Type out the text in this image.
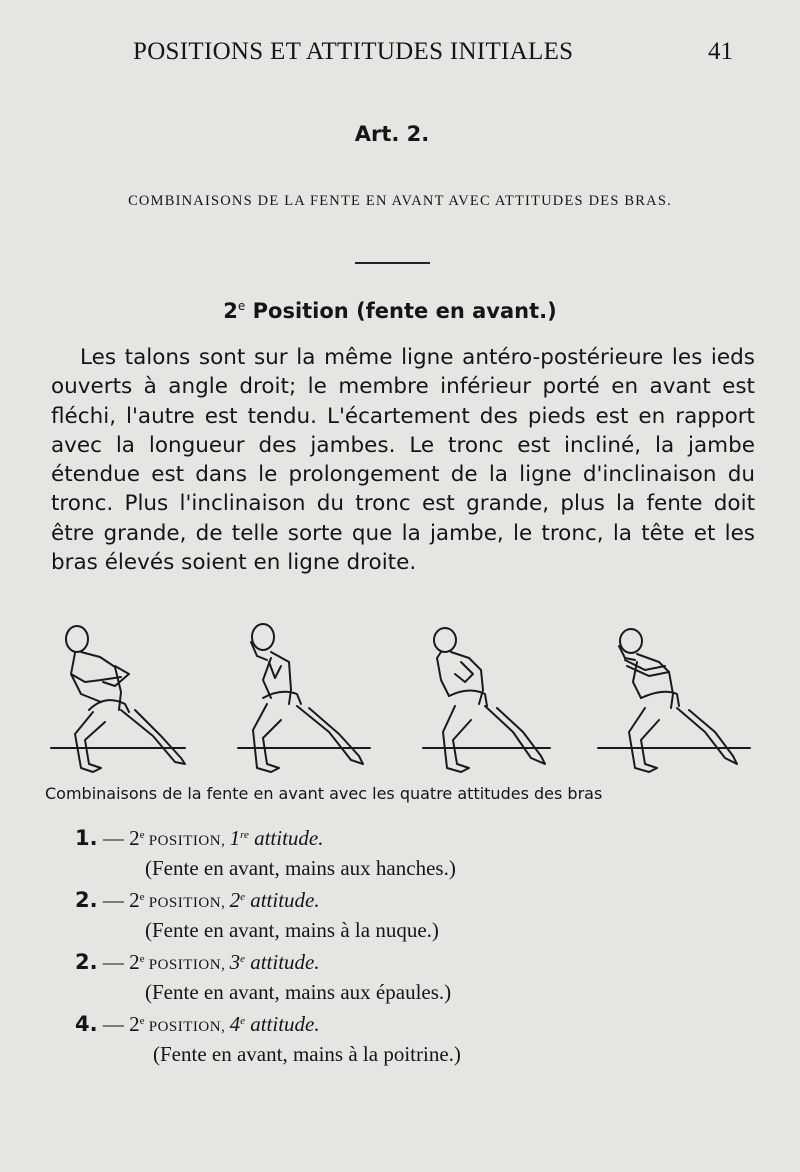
POSITIONS ET ATTITUDES INITIALES	41
Art. 2.
COMBINAISONS DE LA FENTE EN AVANT AVEC ATTITUDES DES BRAS.
2e Position (fente en avant.)

Les talons sont sur la même ligne antéro-postérieure les ieds ouverts à angle droit; le membre inférieur porté en avant est fléchi, l'autre est tendu. L'écartement des pieds est en rapport avec la longueur des jambes. Le tronc est incliné, la jambe étendue est dans le prolongement de la ligne d'inclinaison du tronc. Plus l'inclinaison du tronc est grande, plus la fente doit être grande, de telle sorte que la jambe, le tronc, la tête et les bras élevés soient en ligne droite.

Combinaisons de la fente en avant avec les quatre attitudes des bras
1. — 2e POSITION, 1re attitude.
(Fente en avant, mains aux hanches.)
2. — 2e POSITION, 2e attitude.
(Fente en avant, mains à la nuque.)
2. — 2e POSITION, 3e attitude.
(Fente en avant, mains aux épaules.)
4. — 2e POSITION, 4e attitude.
(Fente en avant, mains à la poitrine.)
